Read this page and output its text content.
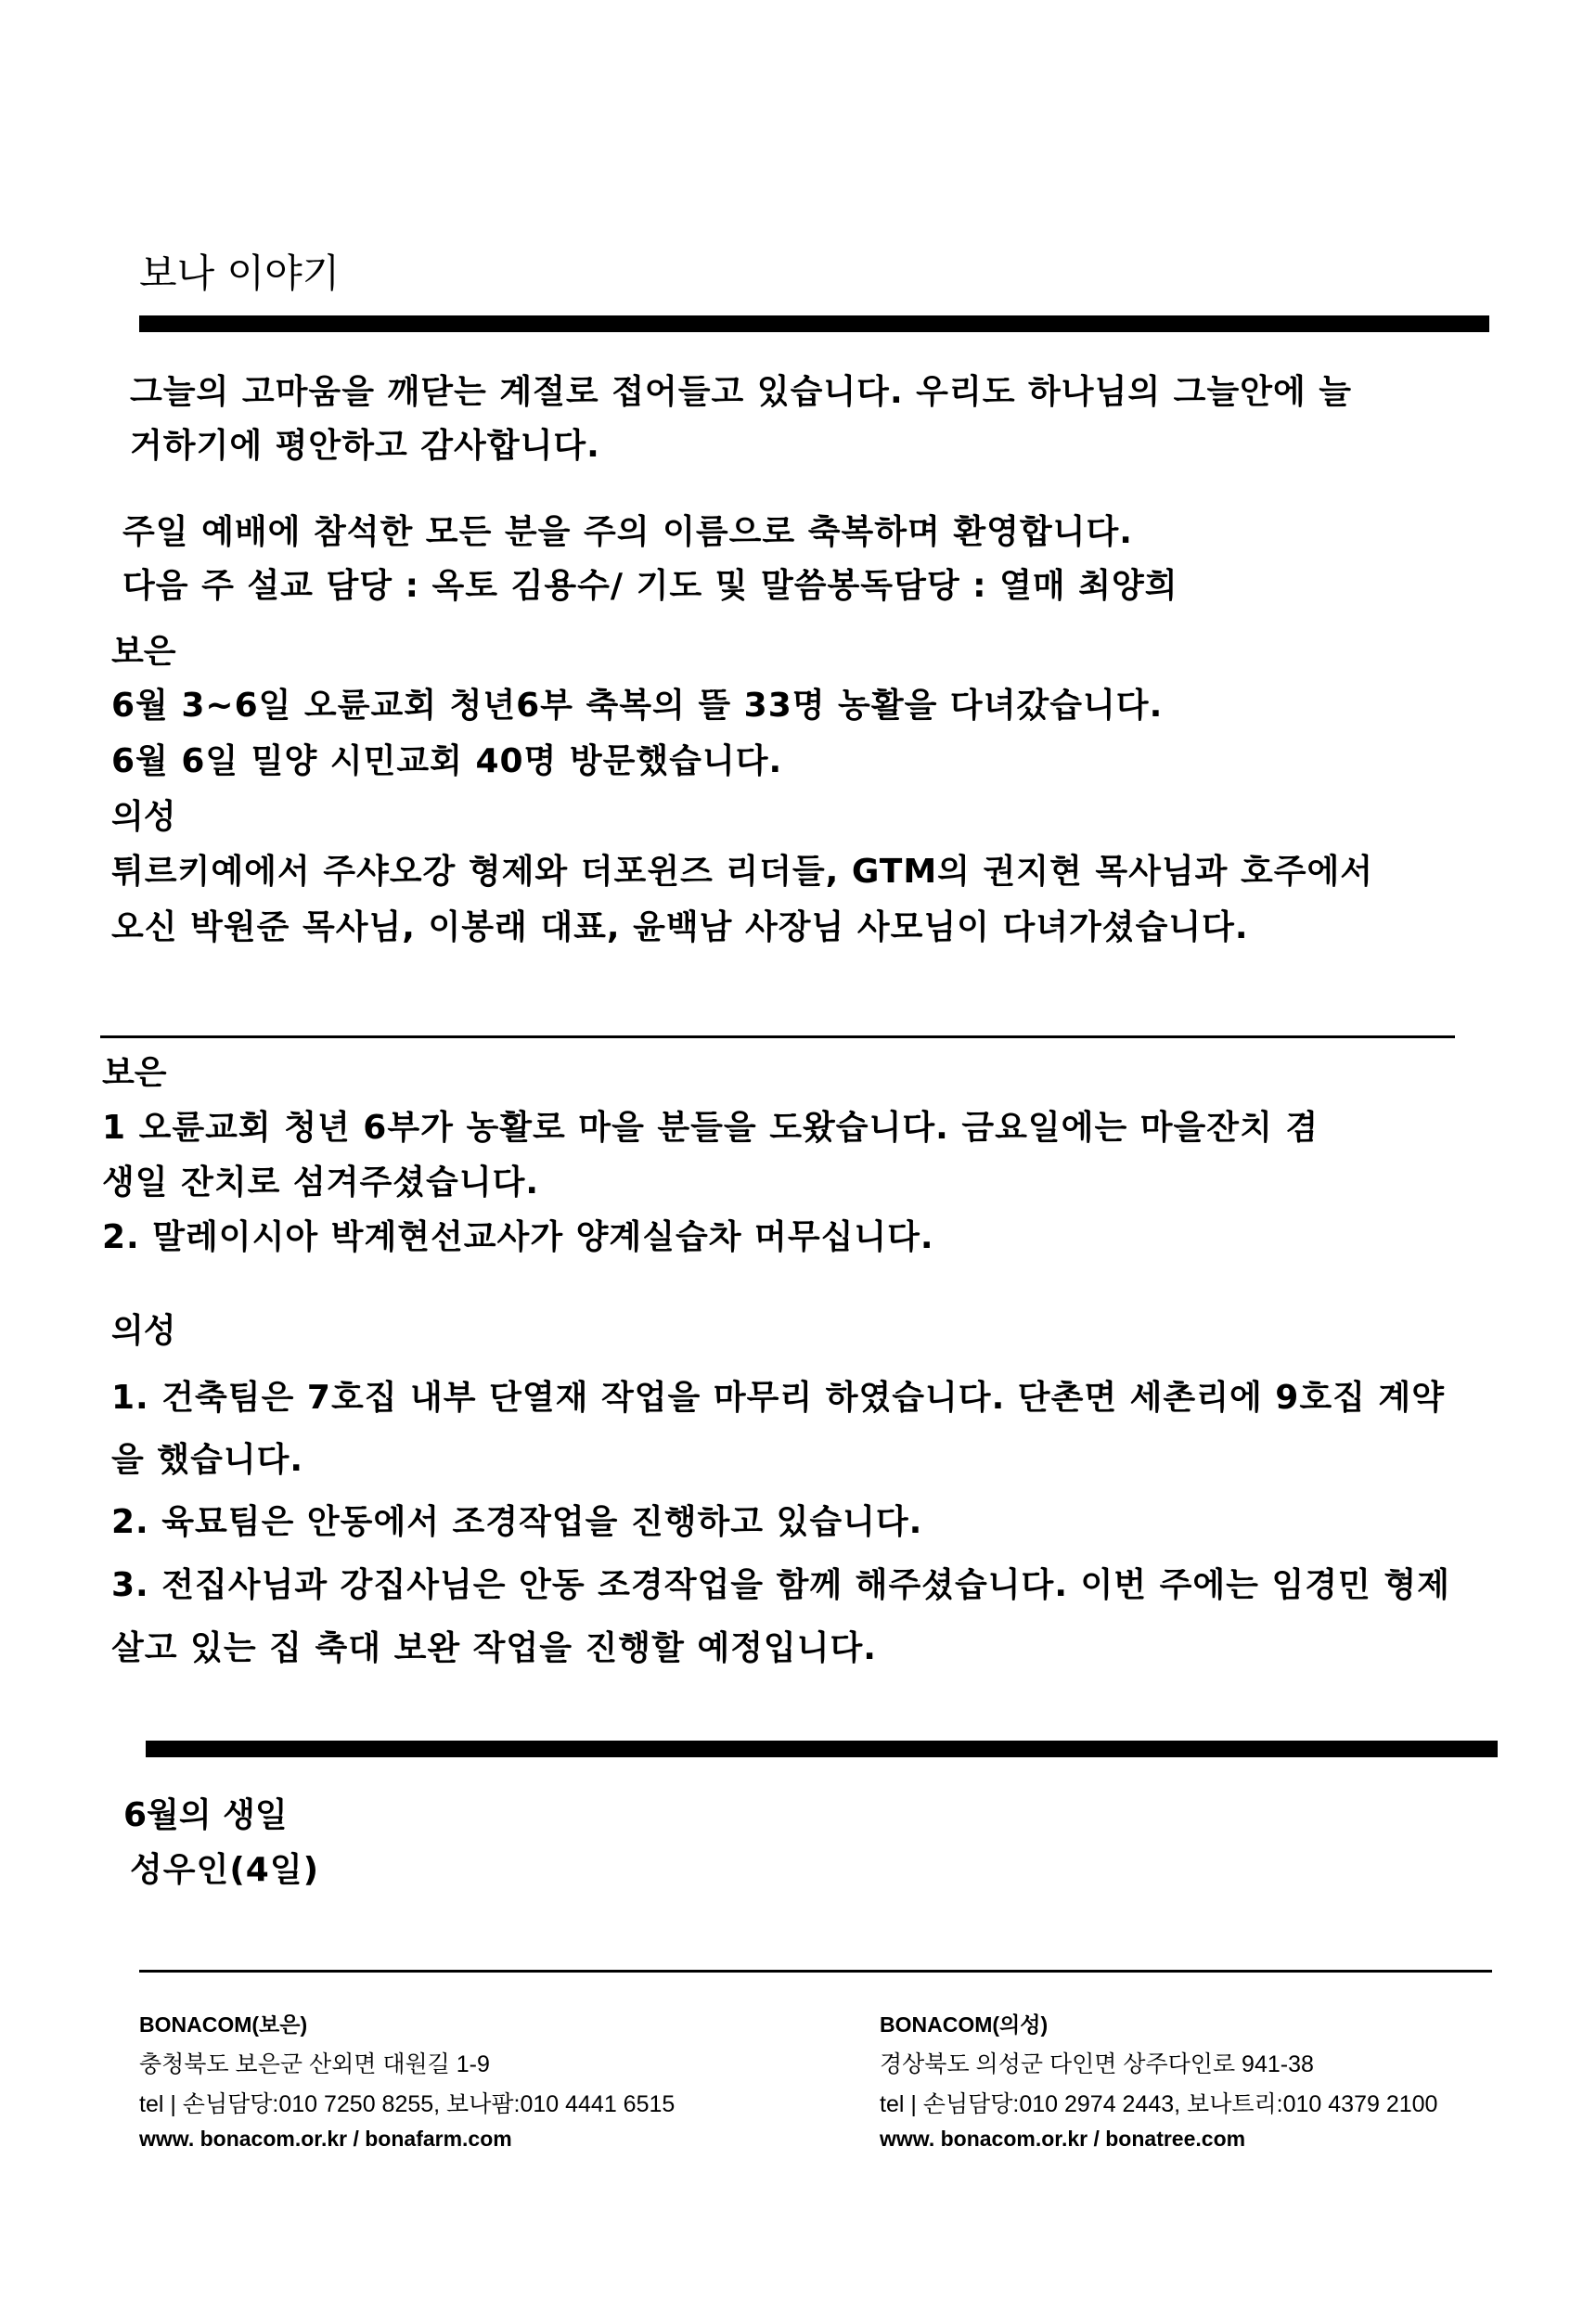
보나 이야기
그늘의 고마움을 깨닫는 계절로 접어들고 있습니다. 우리도 하나님의 그늘안에 늘
거하기에 평안하고 감사합니다.
주일 예배에 참석한 모든 분을 주의 이름으로 축복하며 환영합니다.
다음 주 설교 담당 : 옥토 김용수/ 기도 및 말씀봉독담당 : 열매 최양희
보은
6월 3~6일 오륜교회 청년6부 축복의 뜰 33명 농활을 다녀갔습니다.
6월 6일 밀양 시민교회 40명 방문했습니다.
의성
튀르키예에서 주샤오강 형제와 더포윈즈 리더들, GTM의 권지현 목사님과 호주에서
오신 박원준 목사님, 이봉래 대표, 윤백남 사장님 사모님이 다녀가셨습니다.
보은
1 오륜교회 청년 6부가 농활로 마을 분들을 도왔습니다. 금요일에는 마을잔치 겸
생일 잔치로 섬겨주셨습니다.
2. 말레이시아 박계현선교사가 양계실습차 머무십니다.
의성
1. 건축팀은 7호집 내부 단열재 작업을 마무리 하였습니다. 단촌면 세촌리에 9호집 계약
을 했습니다.
2. 육묘팀은 안동에서 조경작업을 진행하고 있습니다.
3. 전집사님과 강집사님은 안동 조경작업을 함께 해주셨습니다. 이번 주에는 임경민 형제
살고 있는 집 축대 보완 작업을 진행할 예정입니다.
6월의 생일
성우인(4일)
BONACOM(보은)
충청북도 보은군 산외면 대원길 1-9
tel | 손님담당:010 7250 8255, 보나팜:010 4441 6515
www. bonacom.or.kr / bonafarm.com
BONACOM(의성)
경상북도 의성군 다인면 상주다인로 941-38
tel | 손님담당:010 2974 2443, 보나트리:010 4379 2100
www. bonacom.or.kr / bonatree.com
